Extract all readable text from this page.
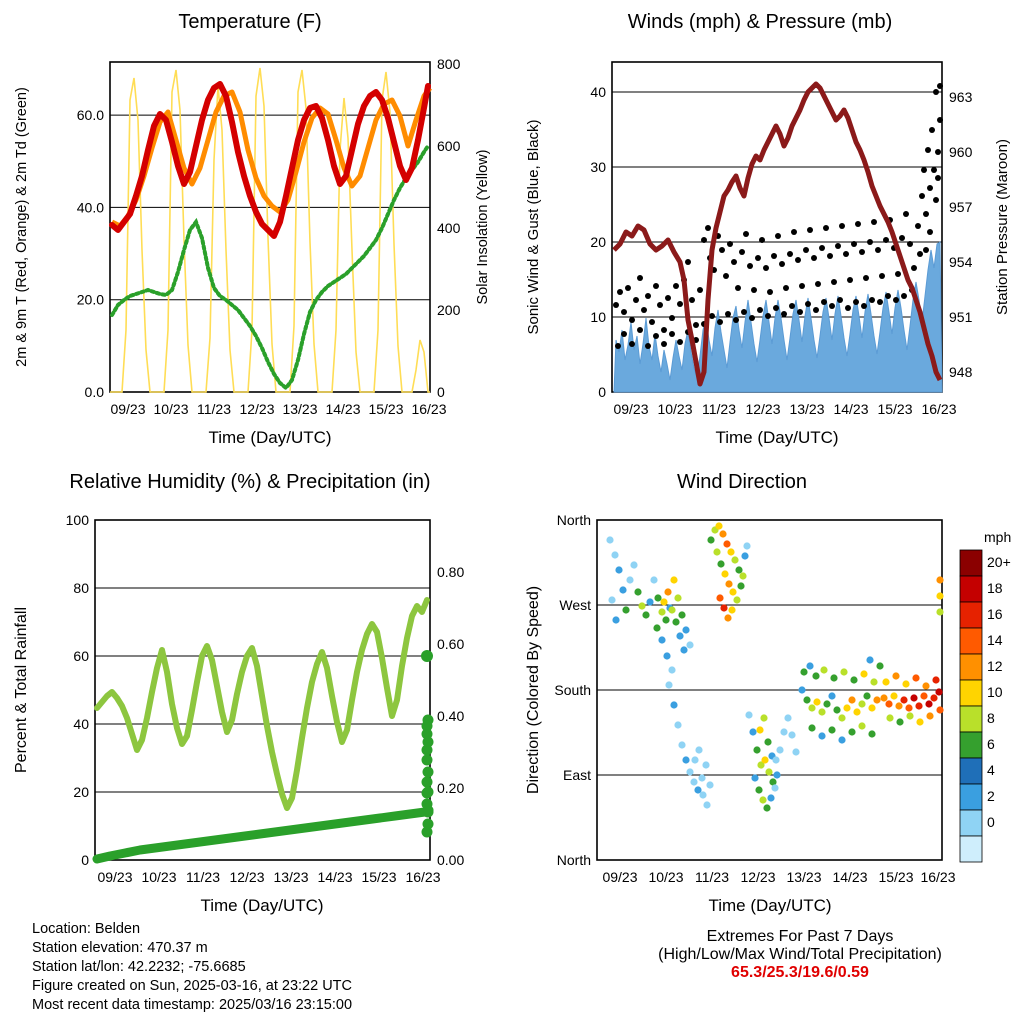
Temperature (F)
0.0
20.0
40.0
60.0
0
200
400
600
800
09/23 10/23 11/23 12/23 13/23 14/23 15/23 16/23
Time (Day/UTC)
2m & 9m T (Red, Orange) & 2m Td (Green)	Solar Insolation (Yellow)
Winds (mph) & Pressure (mb)
0
10
20
30
40
948
951
954
957
960
963
09/23 10/23 11/23 12/23 13/23 14/23 15/23 16/23
Time (Day/UTC)
Sonic Wind & Gust (Blue, Black)	Station Pressure (Maroon)
Relative Humidity (%) & Precipitation (in)
0
20
40
60
80
100
0.00
0.20
0.40
0.60
0.80
09/23 10/23 11/23 12/23 13/23 14/23 15/23 16/23
Time (Day/UTC)
Percent & Total Rainfall
Wind Direction
North
East
South
West
North
09/23 10/23 11/23 12/23 13/23 14/23 15/23 16/23
Time (Day/UTC)
Direction (Colored By Speed)
mph
20+
18
16
14
12
10
8
6
4
2
0
Location: Belden
Station elevation: 470.37 m
Station lat/lon: 42.2232; -75.6685
Figure created on Sun, 2025-03-16, at 23:22 UTC
Most recent data timestamp: 2025/03/16 23:15:00
Extremes For Past 7 Days
(High/Low/Max Wind/Total Precipitation)
65.3/25.3/19.6/0.59
